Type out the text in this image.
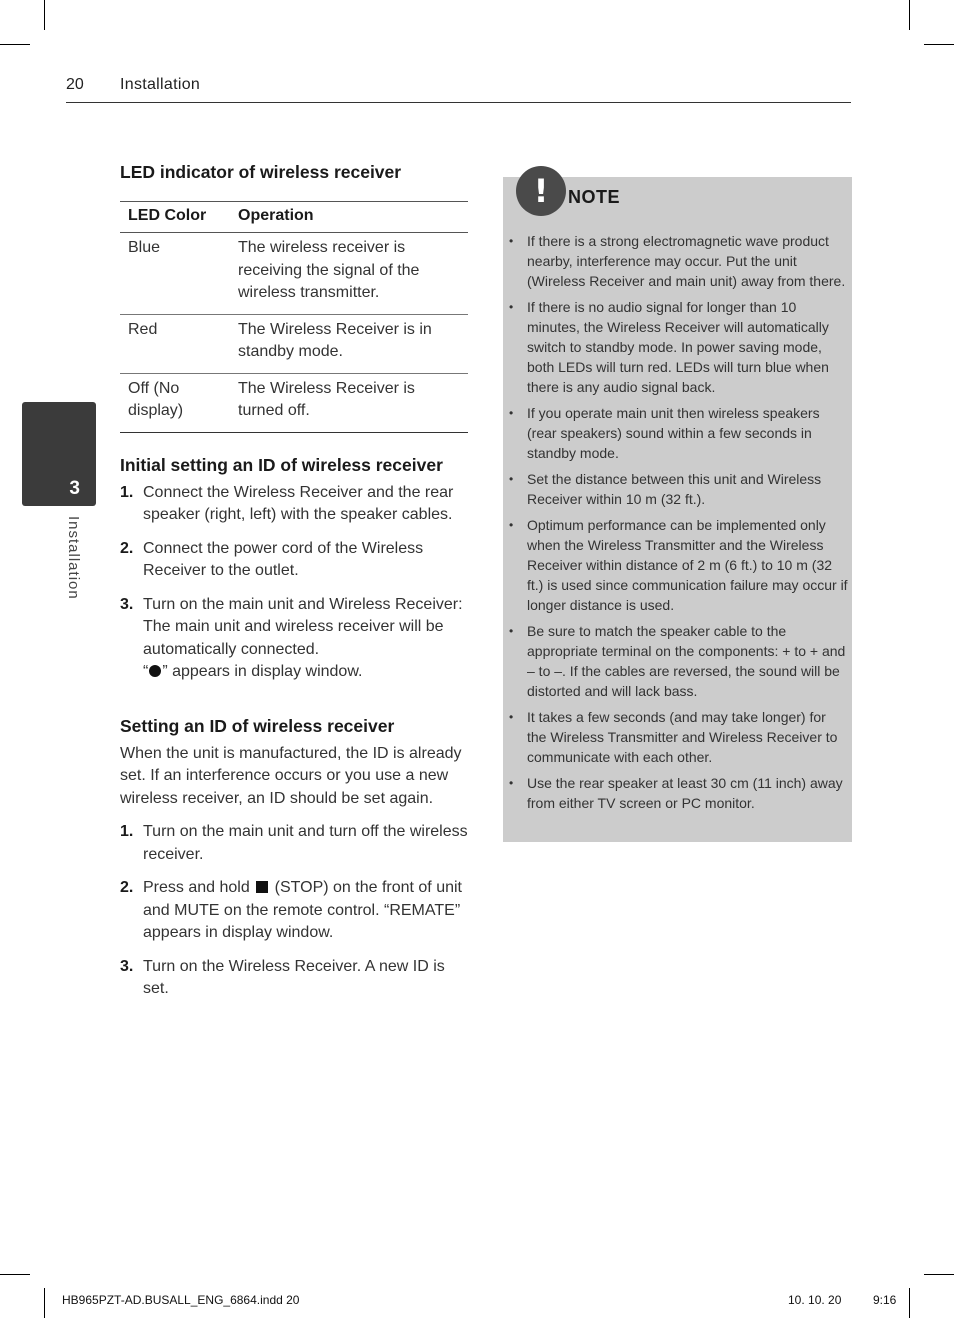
20 Installation
3
Installation
LED indicator of wireless receiver
LED Color	Operation
Blue	The wireless receiver is receiving the signal of the wireless transmitter.
Red	The Wireless Receiver is in standby mode.
Off (No display)	The Wireless Receiver is turned off.
Initial setting an ID of wireless receiver
1. Connect the Wireless Receiver and the rear speaker (right, left) with the speaker cables.
2. Connect the power cord of the Wireless Receiver to the outlet.
3. Turn on the main unit and Wireless Receiver: The main unit and wireless receiver will be automatically connected.
“ ” appears in display window.
Setting an ID of wireless receiver

When the unit is manufactured, the ID is already set. If an interference occurs or you use a new wireless receiver, an ID should be set again.

1. Turn on the main unit and turn off the wireless receiver.
2. Press and hold  (STOP) on the front of unit and MUTE on the remote control. “REMATE” appears in display window.
3. Turn on the Wireless Receiver. A new ID is set.
!	NOTE
• If there is a strong electromagnetic wave product nearby, interference may occur. Put the unit (Wireless Receiver and main unit) away from there.
• If there is no audio signal for longer than 10 minutes, the Wireless Receiver will automatically switch to standby mode. In power saving mode, both LEDs will turn red. LEDs will turn blue when there is any audio signal back.
• If you operate main unit then wireless speakers (rear speakers) sound within a few seconds in standby mode.
• Set the distance between this unit and Wireless Receiver within 10 m (32 ft.).
• Optimum performance can be implemented only when the Wireless Transmitter and the Wireless Receiver within distance of 2 m (6 ft.) to 10 m (32 ft.) is used since communication failure may occur if longer distance is used.
• Be sure to match the speaker cable to the appropriate terminal on the components: + to + and – to –. If the cables are reversed, the sound will be distorted and will lack bass.
• It takes a few seconds (and may take longer) for the Wireless Transmitter and Wireless Receiver to communicate with each other.
• Use the rear speaker at least 30 cm (11 inch) away from either TV screen or PC monitor.
HB965PZT-AD.BUSALL_ENG_6864.indd 20	10. 10. 20	9:16
